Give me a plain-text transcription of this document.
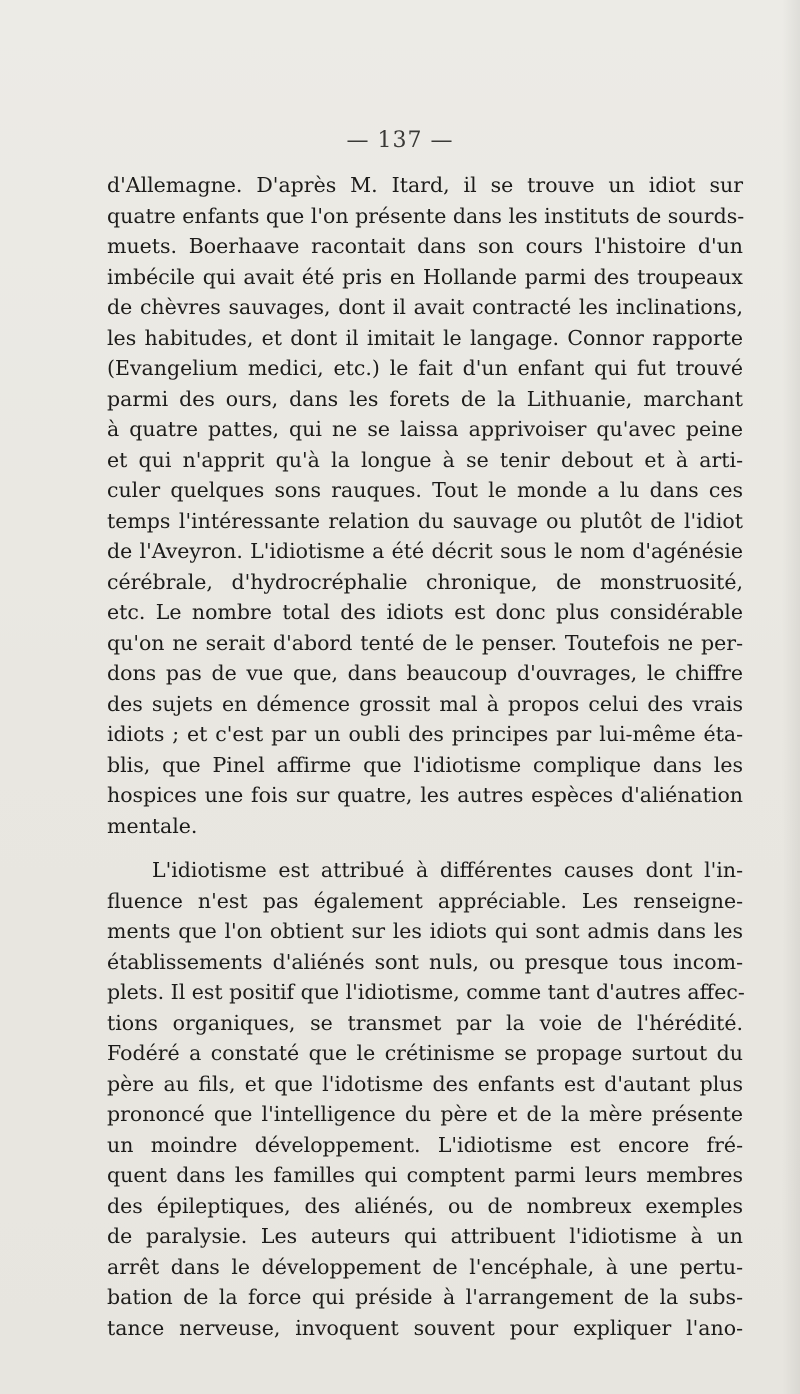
— 137 —
d'Allemagne. D'après M. Itard, il se trouve un idiot sur
quatre enfants que l'on présente dans les instituts de sourds-
muets. Boerhaave racontait dans son cours l'histoire d'un
imbécile qui avait été pris en Hollande parmi des troupeaux
de chèvres sauvages, dont il avait contracté les inclinations,
les habitudes, et dont il imitait le langage. Connor rapporte
(Evangelium medici, etc.) le fait d'un enfant qui fut trouvé
parmi des ours, dans les forets de la Lithuanie, marchant
à quatre pattes, qui ne se laissa apprivoiser qu'avec peine
et qui n'apprit qu'à la longue à se tenir debout et à arti-
culer quelques sons rauques. Tout le monde a lu dans ces
temps l'intéressante relation du sauvage ou plutôt de l'idiot
de l'Aveyron. L'idiotisme a été décrit sous le nom d'agénésie
cérébrale, d'hydrocréphalie chronique, de monstruosité,
etc. Le nombre total des idiots est donc plus considérable
qu'on ne serait d'abord tenté de le penser. Toutefois ne per-
dons pas de vue que, dans beaucoup d'ouvrages, le chiffre
des sujets en démence grossit mal à propos celui des vrais
idiots ; et c'est par un oubli des principes par lui-même éta-
blis, que Pinel affirme que l'idiotisme complique dans les
hospices une fois sur quatre, les autres espèces d'aliénation
mentale.
L'idiotisme est attribué à différentes causes dont l'in-
fluence n'est pas également appréciable. Les renseigne-
ments que l'on obtient sur les idiots qui sont admis dans les
établissements d'aliénés sont nuls, ou presque tous incom-
plets. Il est positif que l'idiotisme, comme tant d'autres affec-
tions organiques, se transmet par la voie de l'hérédité.
Fodéré a constaté que le crétinisme se propage surtout du
père au fils, et que l'idotisme des enfants est d'autant plus
prononcé que l'intelligence du père et de la mère présente
un moindre développement. L'idiotisme est encore fré-
quent dans les familles qui comptent parmi leurs membres
des épileptiques, des aliénés, ou de nombreux exemples
de paralysie. Les auteurs qui attribuent l'idiotisme à un
arrêt dans le développement de l'encéphale, à une pertu-
bation de la force qui préside à l'arrangement de la subs-
tance nerveuse, invoquent souvent pour expliquer l'ano-
